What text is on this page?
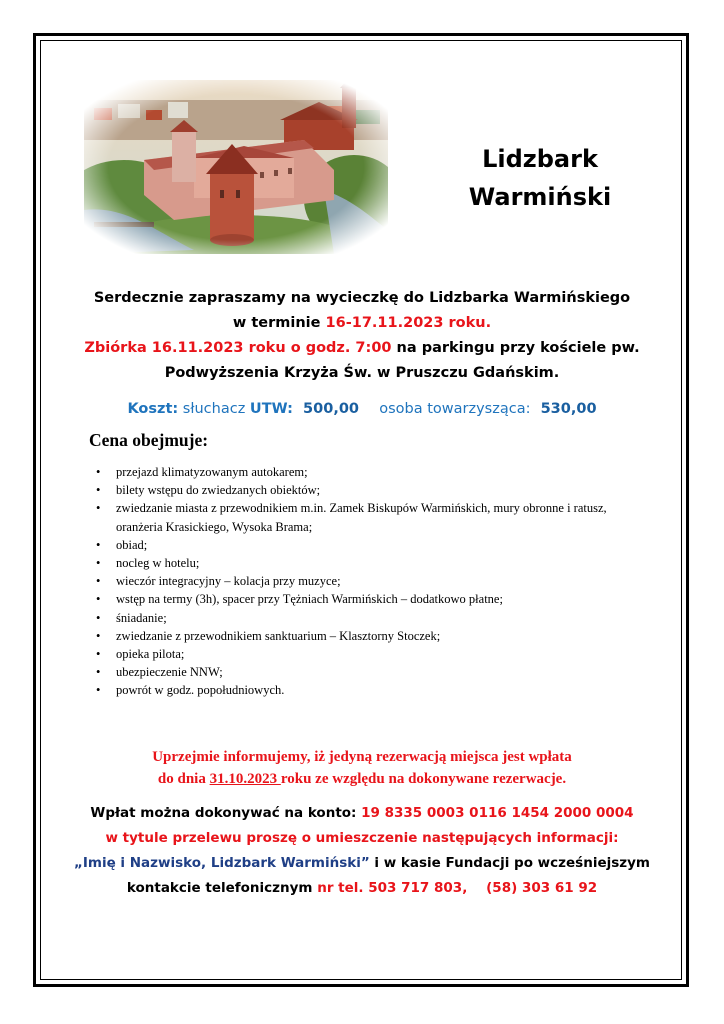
Lidzbark
Warmiński
Serdecznie zapraszamy na wycieczkę do Lidzbarka Warmińskiego
w terminie 16-17.11.2023 roku.
Zbiórka 16.11.2023 roku o godz. 7:00 na parkingu przy kościele pw.
Podwyższenia Krzyża Św. w Pruszczu Gdańskim.
Koszt: słuchacz UTW: 500,00 osoba towarzysząca: 530,00
Cena obejmuje:
• przejazd klimatyzowanym autokarem;
• bilety wstępu do zwiedzanych obiektów;
• zwiedzanie miasta z przewodnikiem m.in. Zamek Biskupów Warmińskich, mury obronne i ratusz, oranżeria Krasickiego, Wysoka Brama;
• obiad;
• nocleg w hotelu;
• wieczór integracyjny – kolacja przy muzyce;
• wstęp na termy (3h), spacer przy Tężniach Warmińskich – dodatkowo płatne;
• śniadanie;
• zwiedzanie z przewodnikiem sanktuarium – Klasztorny Stoczek;
• opieka pilota;
• ubezpieczenie NNW;
• powrót w godz. popołudniowych.
Uprzejmie informujemy, iż jedyną rezerwacją miejsca jest wpłata
do dnia 31.10.2023 roku ze względu na dokonywane rezerwacje.
Wpłat można dokonywać na konto: 19 8335 0003 0116 1454 2000 0004
w tytule przelewu proszę o umieszczenie następujących informacji:
„Imię i Nazwisko, Lidzbark Warmiński” i w kasie Fundacji po wcześniejszym
kontakcie telefonicznym nr tel. 503 717 803, (58) 303 61 92
